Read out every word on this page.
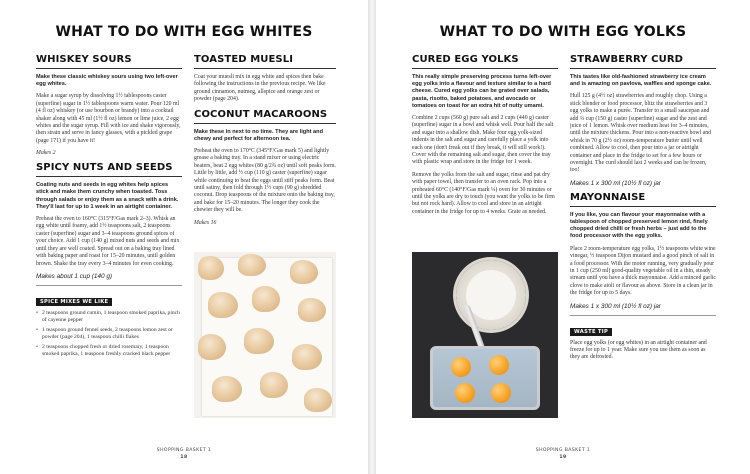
WHAT TO DO WITH EGG WHITES
WHISKEY SOURS

Make these classic whiskey sours using two left-over egg whites.

Make a sugar syrup by dissolving 1½ tablespoons caster (superfine) sugar in 1½ tablespoons warm water. Pour 120 ml (4 fl oz) whiskey (or use bourbon or brandy) into a cocktail shaker along with 45 ml (1½ fl oz) lemon or lime juice, 2 egg whites and the sugar syrup. Fill with ice and shake vigorously, then strain and serve in fancy glasses, with a pickled grape (page 171) if you have it!

Makes 2

SPICY NUTS AND SEEDS

Coating nuts and seeds in egg whites help spices stick and make them crunchy when toasted. Toss through salads or enjoy them as a snack with a drink. They'll last for up to 1 week in an airtight container.

Preheat the oven to 160°C (315°F/Gas mark 2–3). Whisk an egg white until foamy, add 1½ teaspoons salt, 2 teaspoons caster (superfine) sugar and 3–4 teaspoons ground spices of your choice. Add 1 cup (140 g) mixed nuts and seeds and mix until they are well coated. Spread out on a baking tray lined with baking paper and roast for 15–20 minutes, until golden brown. Shake the tray every 3–4 minutes for even cooking.

Makes about 1 cup (140 g)

SPICE MIXES WE LIKE
• 2 teaspoons ground cumin, 1 teaspoon smoked paprika, pinch of cayenne pepper
• 1 teaspoon ground fennel seeds, 2 teaspoons lemon zest or powder (page 204), 1 teaspoon chilli flakes
• 2 teaspoons chopped fresh or dried rosemary, 1 teaspoon smoked paprika, 1 teaspoon freshly cracked black pepper
TOASTED MUESLI

Coat your muesli mix in egg white and spices then bake following the instructions in the previous recipe. We like ground cinnamon, nutmeg, allspice and orange zest or powder (page 204).

COCONUT MACAROONS

Make these in next to no time. They are light and chewy and perfect for afternoon tea.

Preheat the oven to 170°C (345°F/Gas mark 5) and lightly grease a baking tray. In a stand mixer or using electric beaters, beat 2 egg whites (80 g/2¾ oz) until soft peaks form. Little by little, add ½ cup (110 g) caster (superfine) sugar while continuing to beat the eggs until stiff peaks form. Beat until satiny, then fold through 1½ cups (90 g) shredded coconut. Drop teaspoons of the mixture onto the baking tray, and bake for 15–20 minutes. The longer they cook the chewier they will be.

Makes 16

SHOPPING BASKET 1
18
WHAT TO DO WITH EGG YOLKS
CURED EGG YOLKS

This really simple preserving process turns left-over egg yolks into a flavour and texture similar to a hard cheese. Cured egg yolks can be grated over salads, pasta, risotto, baked potatoes, and avocado or tomatoes on toast for an extra hit of nutty umami.

Combine 2 cups (560 g) pure salt and 2 cups (440 g) caster (superfine) sugar in a bowl and whisk well. Pour half the salt and sugar into a shallow dish. Make four egg yolk-sized indents in the salt and sugar and carefully place a yolk into each one (don't freak out if they break, it will still work!). Cover with the remaining salt and sugar, then cover the tray with plastic wrap and store in the fridge for 1 week.

Remove the yolks from the salt and sugar, rinse and pat dry with paper towel, then transfer to an oven rack. Pop into a preheated 60°C (140°F/Gas mark ¼) oven for 30 minutes or until the yolks are dry to touch (you want the yolks to be firm but not rock hard). Allow to cool and store in an airtight container in the fridge for up to 4 weeks. Grate as needed.

STRAWBERRY CURD

This tastes like old-fashioned strawberry ice cream and is amazing on pavlova, waffles and sponge cake.

Hull 125 g (4½ oz) strawberries and roughly chop. Using a stick blender or food processor, blitz the strawberries and 3 egg yolks to make a purée. Transfer to a small saucepan and add ⅔ cup (150 g) caster (superfine) sugar and the zest and juice of 1 lemon. Whisk over medium heat for 3–4 minutes, until the mixture thickens. Pour into a non-reactive bowl and whisk in 70 g (2½ oz) room-temperature butter until well combined. Allow to cool, then pour into a jar or airtight container and place in the fridge to set for a few hours or overnight. The curd should last 2 weeks and can be frozen, too!

Makes 1 x 300 ml (10½ fl oz) jar

MAYONNAISE

If you like, you can flavour your mayonnaise with a tablespoon of chopped preserved lemon rind, finely chopped dried chilli or fresh herbs – just add to the food processor with the egg yolks.

Place 2 room-temperature egg yolks, 1½ teaspoons white wine vinegar, ½ teaspoon Dijon mustard and a good pinch of salt in a food processor. With the motor running, very gradually pour in 1 cup (250 ml) good-quality vegetable oil in a thin, steady stream until you have a thick mayonnaise. Add a minced garlic clove to make aioli or flavour as above. Store in a clean jar in the fridge for up to 5 days.

Makes 1 x 300 ml (10½ fl oz) jar

WASTE TIP

Place egg yolks (or egg whites) in an airtight container and freeze for up to 1 year. Make sure you use them as soon as they are defrosted.

SHOPPING BASKET 1
19
